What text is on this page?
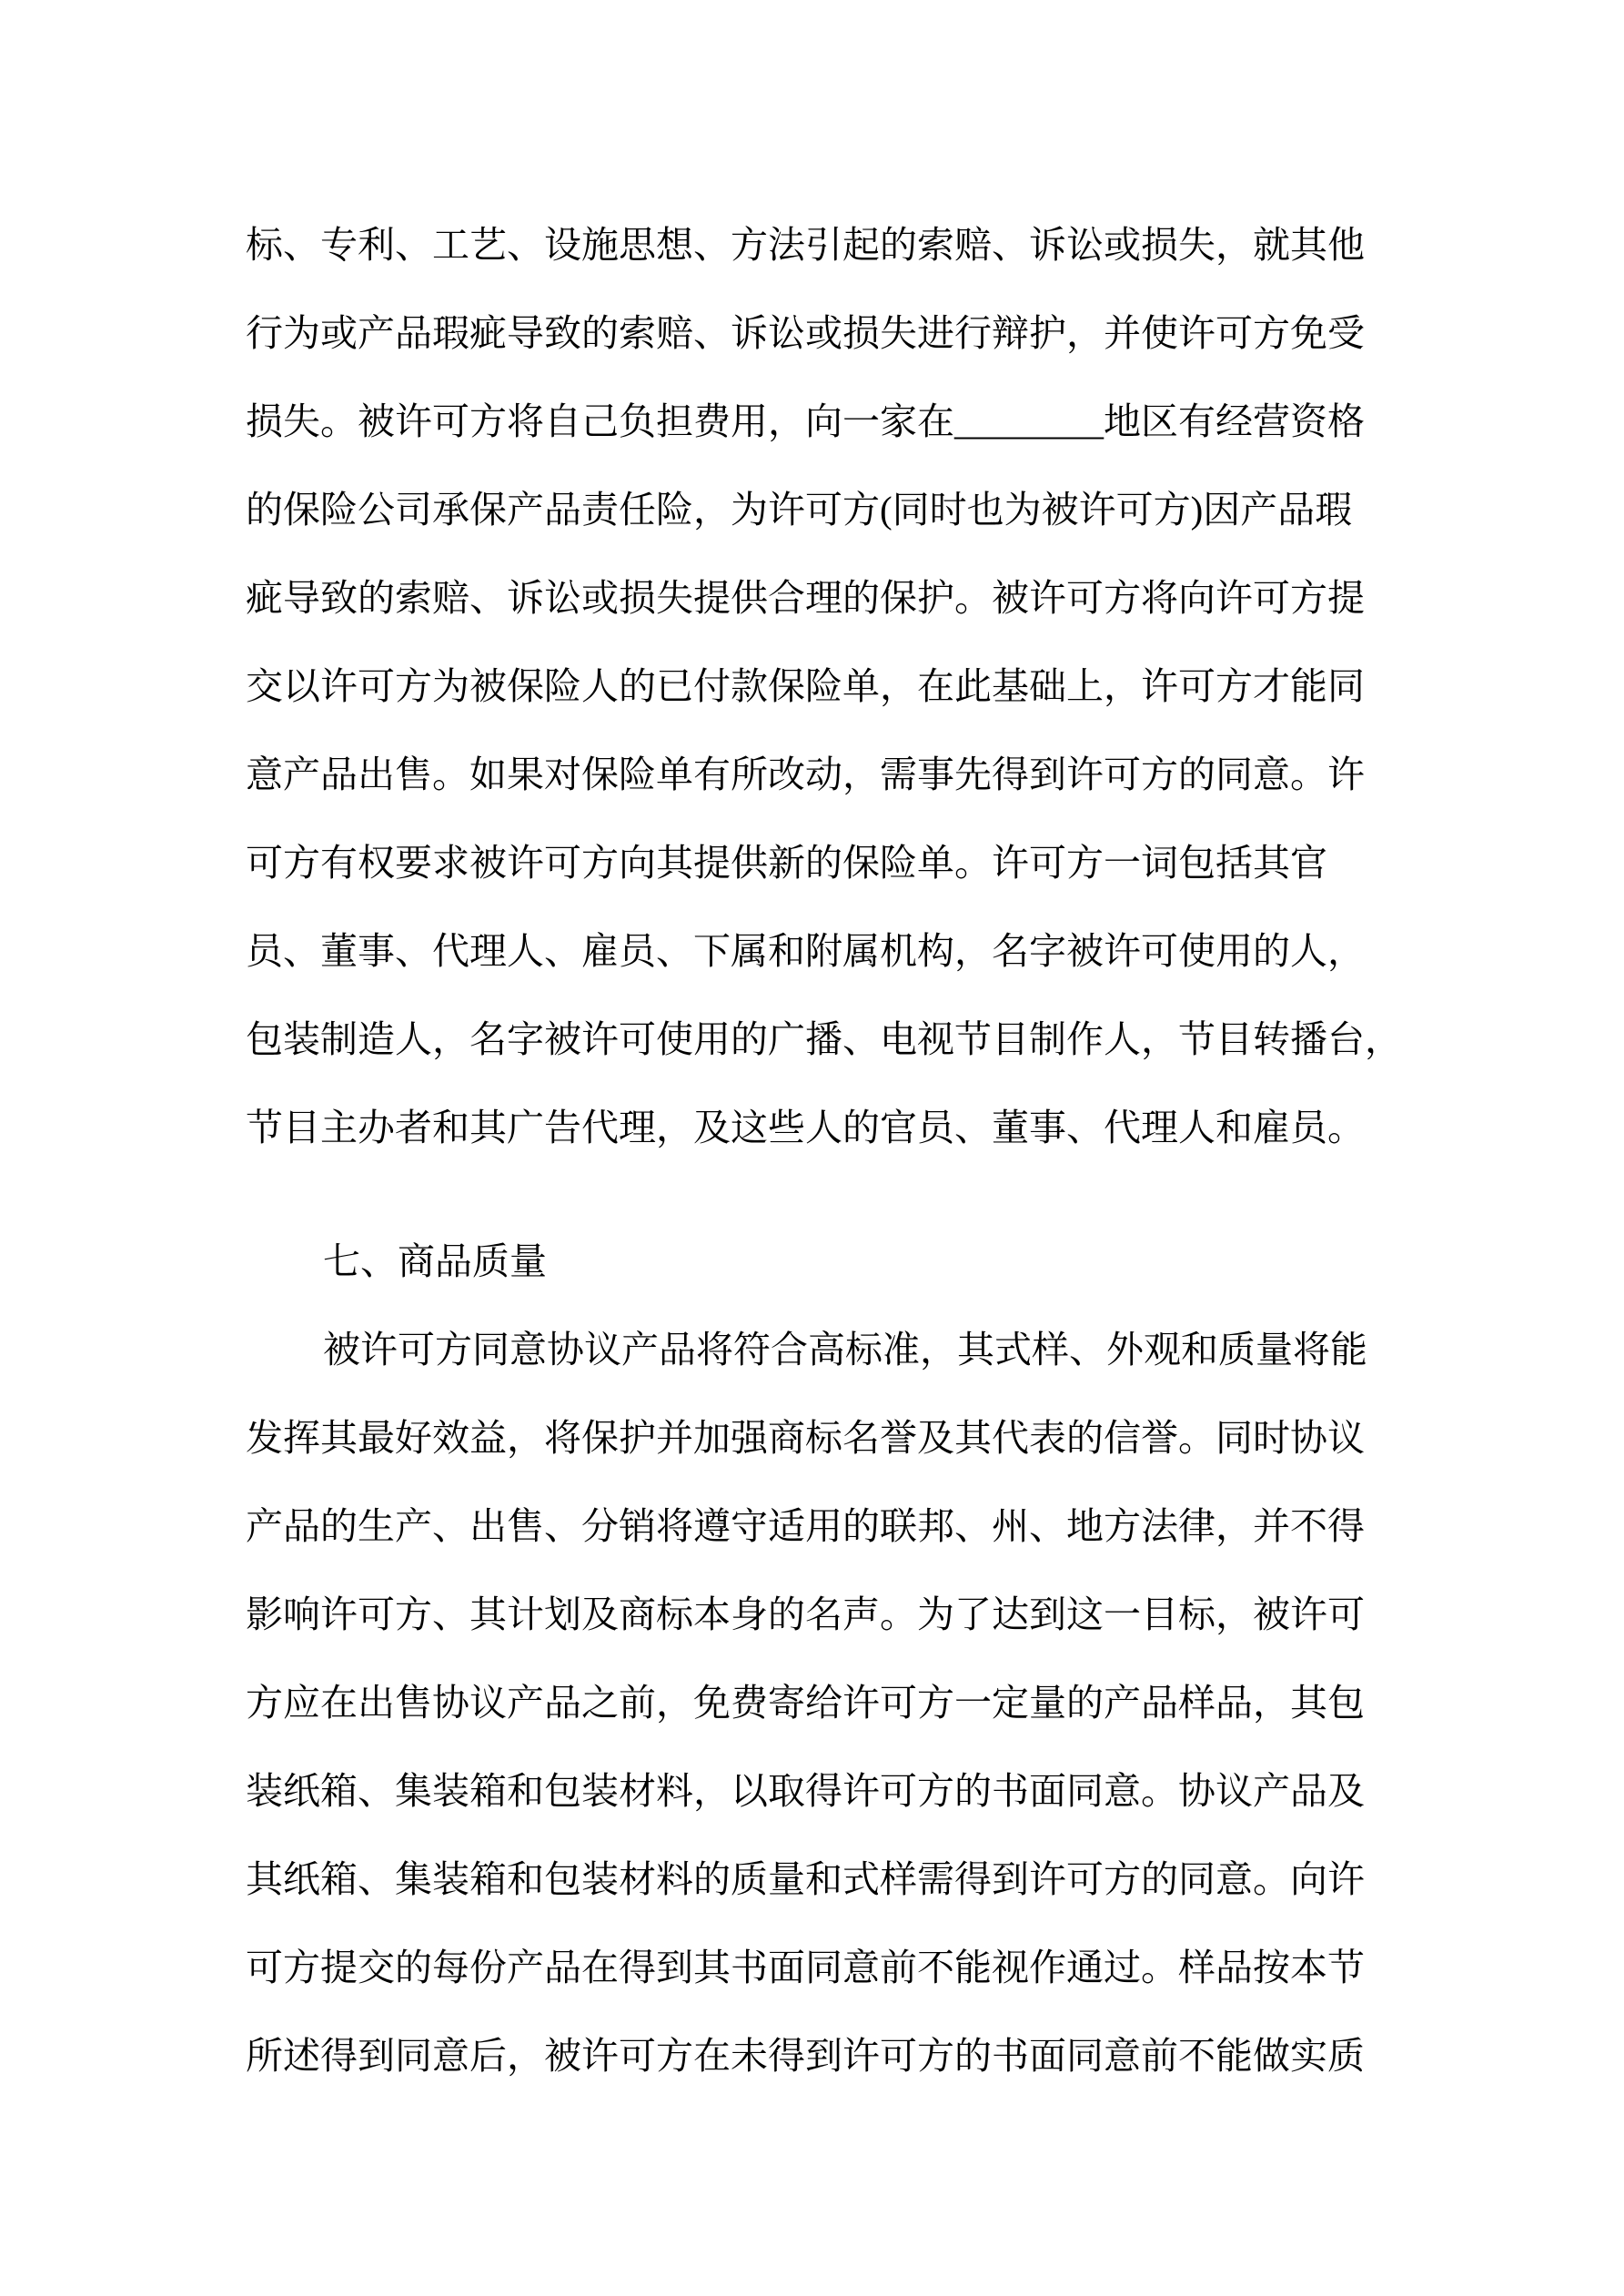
标、专利、工艺、设施思想、方法引起的索赔、诉讼或损失，就其他
行为或产品瑕疵导致的索赔、诉讼或损失进行辩护，并使许可方免受
损失。被许可方将自己负担费用，向一家在________地区有经营资格
的保险公司承保产品责任险，为许可方(同时也为被许可方)因产品瑕
疵导致的索赔、诉讼或损失提供合理的保护。被许可方将向许可方提
交以许可方为被保险人的已付款保险单，在此基础上，许可方才能同
意产品出售。如果对保险单有所改动，需事先得到许可方的同意。许
可方有权要求被许可方向其提供新的保险单。许可方一词包括其官
员、董事、代理人、雇员、下属和附属机构，名字被许可使用的人，
包装制造人，名字被许可使用的广播、电视节目制作人，节目转播台，
节目主办者和其广告代理，及这些人的官员、董事、代理人和雇员。
七、商品质量
被许可方同意协议产品将符合高标准，其式样、外观和质量将能
发挥其最好效益，将保护并加强商标名誉及其代表的信誉。同时协议
产品的生产、出售、分销将遵守适用的联邦、州、地方法律，并不得
影响许可方、其计划及商标本身的名声。为了达到这一目标，被许可
方应在出售协议产品之前，免费寄给许可方一定量的产品样品，其包
装纸箱、集装箱和包装材料，以取得许可方的书面同意。协议产品及
其纸箱、集装箱和包装材料的质量和式样需得到许可方的同意。向许
可方提交的每份产品在得到其书面同意前不能视作通过。样品按本节
所述得到同意后，被许可方在未得到许可方的书面同意前不能做实质
